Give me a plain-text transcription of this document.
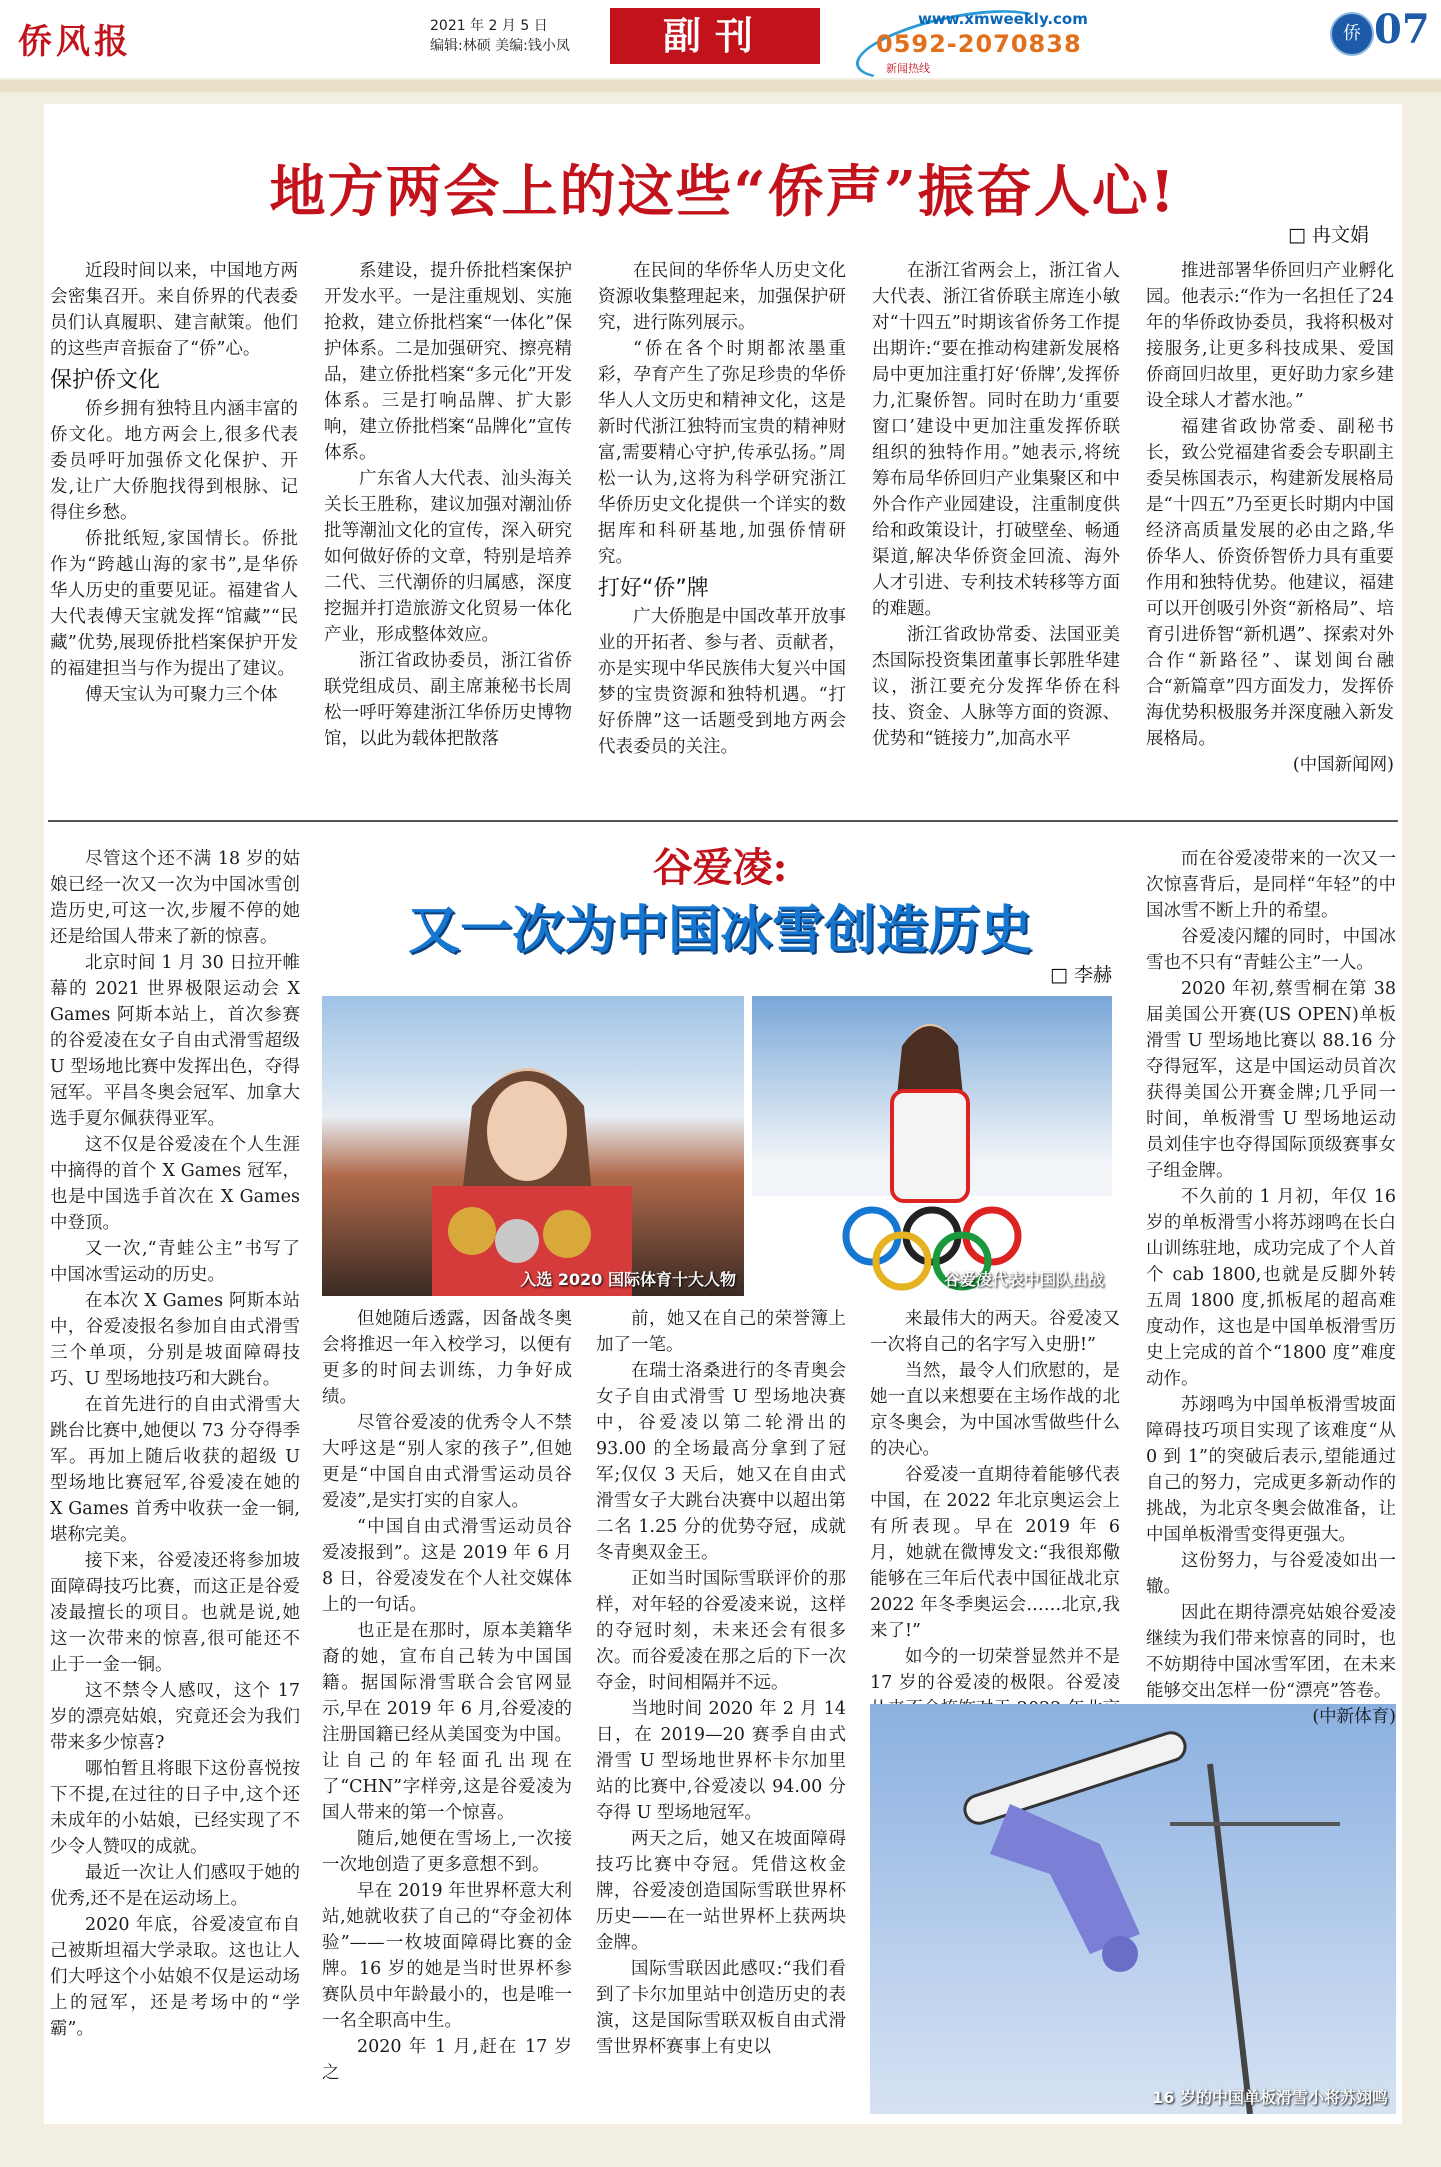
侨风报	2021 年 2 月 5 日
编辑:林硕 美编:钱小凤	副刊	www.xmweekly.com
0592-2070838
新闻热线
侨 07
地方两会上的这些“侨声”振奋人心!
□ 冉文娟

近段时间以来，中国地方两会密集召开。来自侨界的代表委员们认真履职、建言献策。他们的这些声音振奋了“侨”心。

保护侨文化

侨乡拥有独特且内涵丰富的侨文化。地方两会上,很多代表委员呼吁加强侨文化保护、开发,让广大侨胞找得到根脉、记得住乡愁。

侨批纸短,家国情长。侨批作为“跨越山海的家书”,是华侨华人历史的重要见证。福建省人大代表傅天宝就发挥“馆藏”“民藏”优势,展现侨批档案保护开发的福建担当与作为提出了建议。

傅天宝认为可聚力三个体

系建设，提升侨批档案保护开发水平。一是注重规划、实施抢救，建立侨批档案“一体化”保护体系。二是加强研究、擦亮精品，建立侨批档案“多元化”开发体系。三是打响品牌、扩大影响，建立侨批档案“品牌化”宣传体系。

广东省人大代表、汕头海关关长王胜称，建议加强对潮汕侨批等潮汕文化的宣传，深入研究如何做好侨的文章，特别是培养二代、三代潮侨的归属感，深度挖掘并打造旅游文化贸易一体化产业，形成整体效应。

浙江省政协委员，浙江省侨联党组成员、副主席兼秘书长周松一呼吁筹建浙江华侨历史博物馆，以此为载体把散落

在民间的华侨华人历史文化资源收集整理起来，加强保护研究，进行陈列展示。

“侨在各个时期都浓墨重彩，孕育产生了弥足珍贵的华侨华人人文历史和精神文化，这是新时代浙江独特而宝贵的精神财富,需要精心守护,传承弘扬。”周松一认为,这将为科学研究浙江华侨历史文化提供一个详实的数据库和科研基地,加强侨情研究。

打好“侨”牌

广大侨胞是中国改革开放事业的开拓者、参与者、贡献者，亦是实现中华民族伟大复兴中国梦的宝贵资源和独特机遇。“打好侨牌”这一话题受到地方两会代表委员的关注。

在浙江省两会上，浙江省人大代表、浙江省侨联主席连小敏对“十四五”时期该省侨务工作提出期许:“要在推动构建新发展格局中更加注重打好‘侨牌’,发挥侨力,汇聚侨智。同时在助力‘重要窗口’建设中更加注重发挥侨联组织的独特作用。”她表示,将统筹布局华侨回归产业集聚区和中外合作产业园建设，注重制度供给和政策设计，打破壁垒、畅通渠道,解决华侨资金回流、海外人才引进、专利技术转移等方面的难题。

浙江省政协常委、法国亚美杰国际投资集团董事长郭胜华建议，浙江要充分发挥华侨在科技、资金、人脉等方面的资源、优势和“链接力”,加高水平

推进部署华侨回归产业孵化园。他表示:“作为一名担任了24年的华侨政协委员，我将积极对接服务,让更多科技成果、爱国侨商回归故里，更好助力家乡建设全球人才蓄水池。”

福建省政协常委、副秘书长，致公党福建省委会专职副主委吴栋国表示，构建新发展格局是“十四五”乃至更长时期内中国经济高质量发展的必由之路,华侨华人、侨资侨智侨力具有重要作用和独特优势。他建议，福建可以开创吸引外资“新格局”、培育引进侨智“新机遇”、探索对外合作“新路径”、谋划闽台融合“新篇章”四方面发力，发挥侨海优势积极服务并深度融入新发展格局。

(中国新闻网)

谷爱凌:
又一次为中国冰雪创造历史
□ 李赫

尽管这个还不满 18 岁的姑娘已经一次又一次为中国冰雪创造历史,可这一次,步履不停的她还是给国人带来了新的惊喜。

北京时间 1 月 30 日拉开帷幕的 2021 世界极限运动会 X Games 阿斯本站上，首次参赛的谷爱凌在女子自由式滑雪超级 U 型场地比赛中发挥出色，夺得冠军。平昌冬奥会冠军、加拿大选手夏尔佩获得亚军。

这不仅是谷爱凌在个人生涯中摘得的首个 X Games 冠军，也是中国选手首次在 X Games 中登顶。

又一次,“青蛙公主”书写了中国冰雪运动的历史。

在本次 X Games 阿斯本站中，谷爱凌报名参加自由式滑雪三个单项，分别是坡面障碍技巧、U 型场地技巧和大跳台。

在首先进行的自由式滑雪大跳台比赛中,她便以 73 分夺得季军。再加上随后收获的超级 U 型场地比赛冠军,谷爱凌在她的 X Games 首秀中收获一金一铜,堪称完美。

接下来，谷爱凌还将参加坡面障碍技巧比赛，而这正是谷爱凌最擅长的项目。也就是说,她这一次带来的惊喜,很可能还不止于一金一铜。

这不禁令人感叹，这个 17 岁的漂亮姑娘，究竟还会为我们带来多少惊喜?

哪怕暂且将眼下这份喜悦按下不提,在过往的日子中,这个还未成年的小姑娘，已经实现了不少令人赞叹的成就。

最近一次让人们感叹于她的优秀,还不是在运动场上。

2020 年底，谷爱凌宣布自己被斯坦福大学录取。这也让人们大呼这个小姑娘不仅是运动场上的冠军，还是考场中的“学霸”。

入选 2020 国际体育十大人物	谷爱凌代表中国队出战

但她随后透露，因备战冬奥会将推迟一年入校学习，以便有更多的时间去训练，力争好成绩。

尽管谷爱凌的优秀令人不禁大呼这是“别人家的孩子”,但她更是“中国自由式滑雪运动员谷爱凌”,是实打实的自家人。

“中国自由式滑雪运动员谷爱凌报到”。这是 2019 年 6 月 8 日，谷爱凌发在个人社交媒体上的一句话。

也正是在那时，原本美籍华裔的她，宣布自己转为中国国籍。据国际滑雪联合会官网显示,早在 2019 年 6 月,谷爱凌的注册国籍已经从美国变为中国。让自己的年轻面孔出现在了“CHN”字样旁,这是谷爱凌为国人带来的第一个惊喜。

随后,她便在雪场上,一次接一次地创造了更多意想不到。

早在 2019 年世界杯意大利站,她就收获了自己的“夺金初体验”——一枚坡面障碍比赛的金牌。16 岁的她是当时世界杯参赛队员中年龄最小的，也是唯一一名全职高中生。

2020 年 1 月,赶在 17 岁之

前，她又在自己的荣誉簿上加了一笔。

在瑞士洛桑进行的冬青奥会女子自由式滑雪 U 型场地决赛中，谷爱凌以第二轮滑出的 93.00 的全场最高分拿到了冠军;仅仅 3 天后，她又在自由式滑雪女子大跳台决赛中以超出第二名 1.25 分的优势夺冠，成就冬青奥双金王。

正如当时国际雪联评价的那样，对年轻的谷爱凌来说，这样的夺冠时刻，未来还会有很多次。而谷爱凌在那之后的下一次夺金，时间相隔并不远。

当地时间 2020 年 2 月 14 日，在 2019—20 赛季自由式滑雪 U 型场地世界杯卡尔加里站的比赛中,谷爱凌以 94.00 分夺得 U 型场地冠军。

两天之后，她又在坡面障碍技巧比赛中夺冠。凭借这枚金牌，谷爱凌创造国际雪联世界杯历史——在一站世界杯上获两块金牌。

国际雪联因此感叹:“我们看到了卡尔加里站中创造历史的表演，这是国际雪联双板自由式滑雪世界杯赛事上有史以

来最伟大的两天。谷爱凌又一次将自己的名字写入史册!”

当然，最令人们欣慰的，是她一直以来想要在主场作战的北京冬奥会，为中国冰雪做些什么的决心。

谷爱凌一直期待着能够代表中国，在 2022 年北京奥运会上有所表现。早在 2019 年 6 月，她就在微博发文:“我很郑儆能够在三年后代表中国征战北京 2022 年冬季奥运会……北京,我来了!”

如今的一切荣誉显然并不是 17 岁的谷爱凌的极限。谷爱凌

16 岁的中国单板滑雪小将苏翊鸣

而在谷爱凌带来的一次又一次惊喜背后，是同样“年轻”的中国冰雪不断上升的希望。

谷爱凌闪耀的同时，中国冰雪也不只有“青蛙公主”一人。

2020 年初,蔡雪桐在第 38 届美国公开赛(US OPEN)单板滑雪 U 型场地比赛以 88.16 分夺得冠军，这是中国运动员首次获得美国公开赛金牌;几乎同一时间，单板滑雪 U 型场地运动员刘佳宇也夺得国际顶级赛事女子组金牌。

不久前的 1 月初，年仅 16 岁的单板滑雪小将苏翊鸣在长白山训练驻地，成功完成了个人首个 cab 1800,也就是反脚外转五周 1800 度,抓板尾的超高难度动作，这也是中国单板滑雪历史上完成的首个“1800 度”难度动作。

苏翊鸣为中国单板滑雪坡面障碍技巧项目实现了该难度“从 0 到 1”的突破后表示,望能通过自己的努力，完成更多新动作的挑战，为北京冬奥会做准备，让中国单板滑雪变得更强大。

这份努力，与谷爱凌如出一辙。

因此在期待漂亮姑娘谷爱凌继续为我们带来惊喜的同时，也不妨期待中国冰雪军团，在未来能够交出怎样一份“漂亮”答卷。

(中新体育)
